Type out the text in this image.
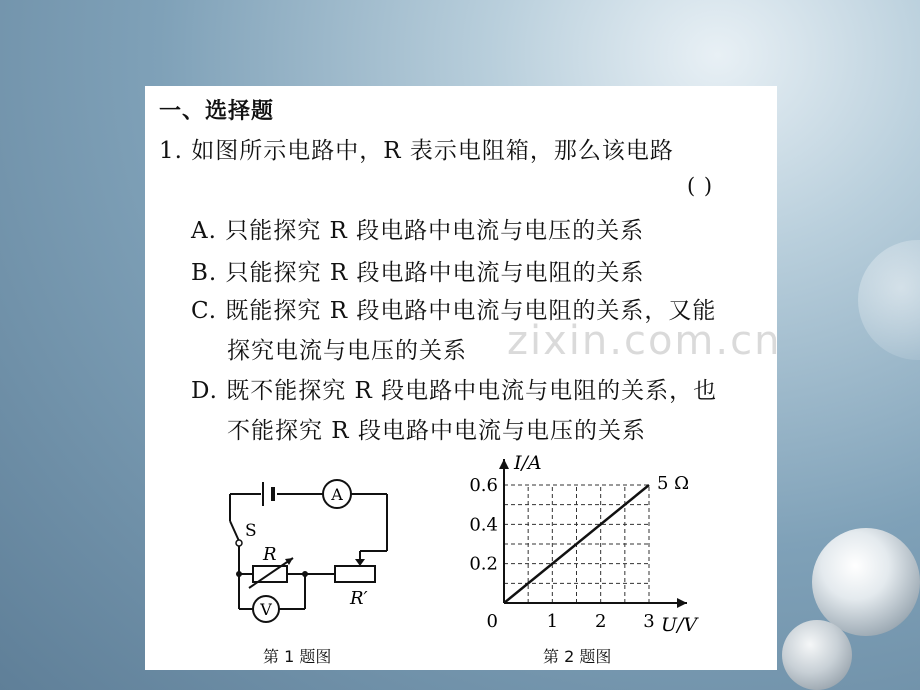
一、选择题
1. 如图所示电路中，R 表示电阻箱，那么该电路
( )
A. 只能探究 R 段电路中电流与电压的关系
B. 只能探究 R 段电路中电流与电阻的关系
C. 既能探究 R 段电路中电流与电阻的关系，又能
探究电流与电压的关系
D. 既不能探究 R 段电路中电流与电阻的关系，也
不能探究 R 段电路中电流与电压的关系
zixin.com.cn
A
V
S
R
R′
1 2 3
0.2
0.4
0.6
0
I/A
U/V
5 Ω
第 1 题图	第 2 题图
